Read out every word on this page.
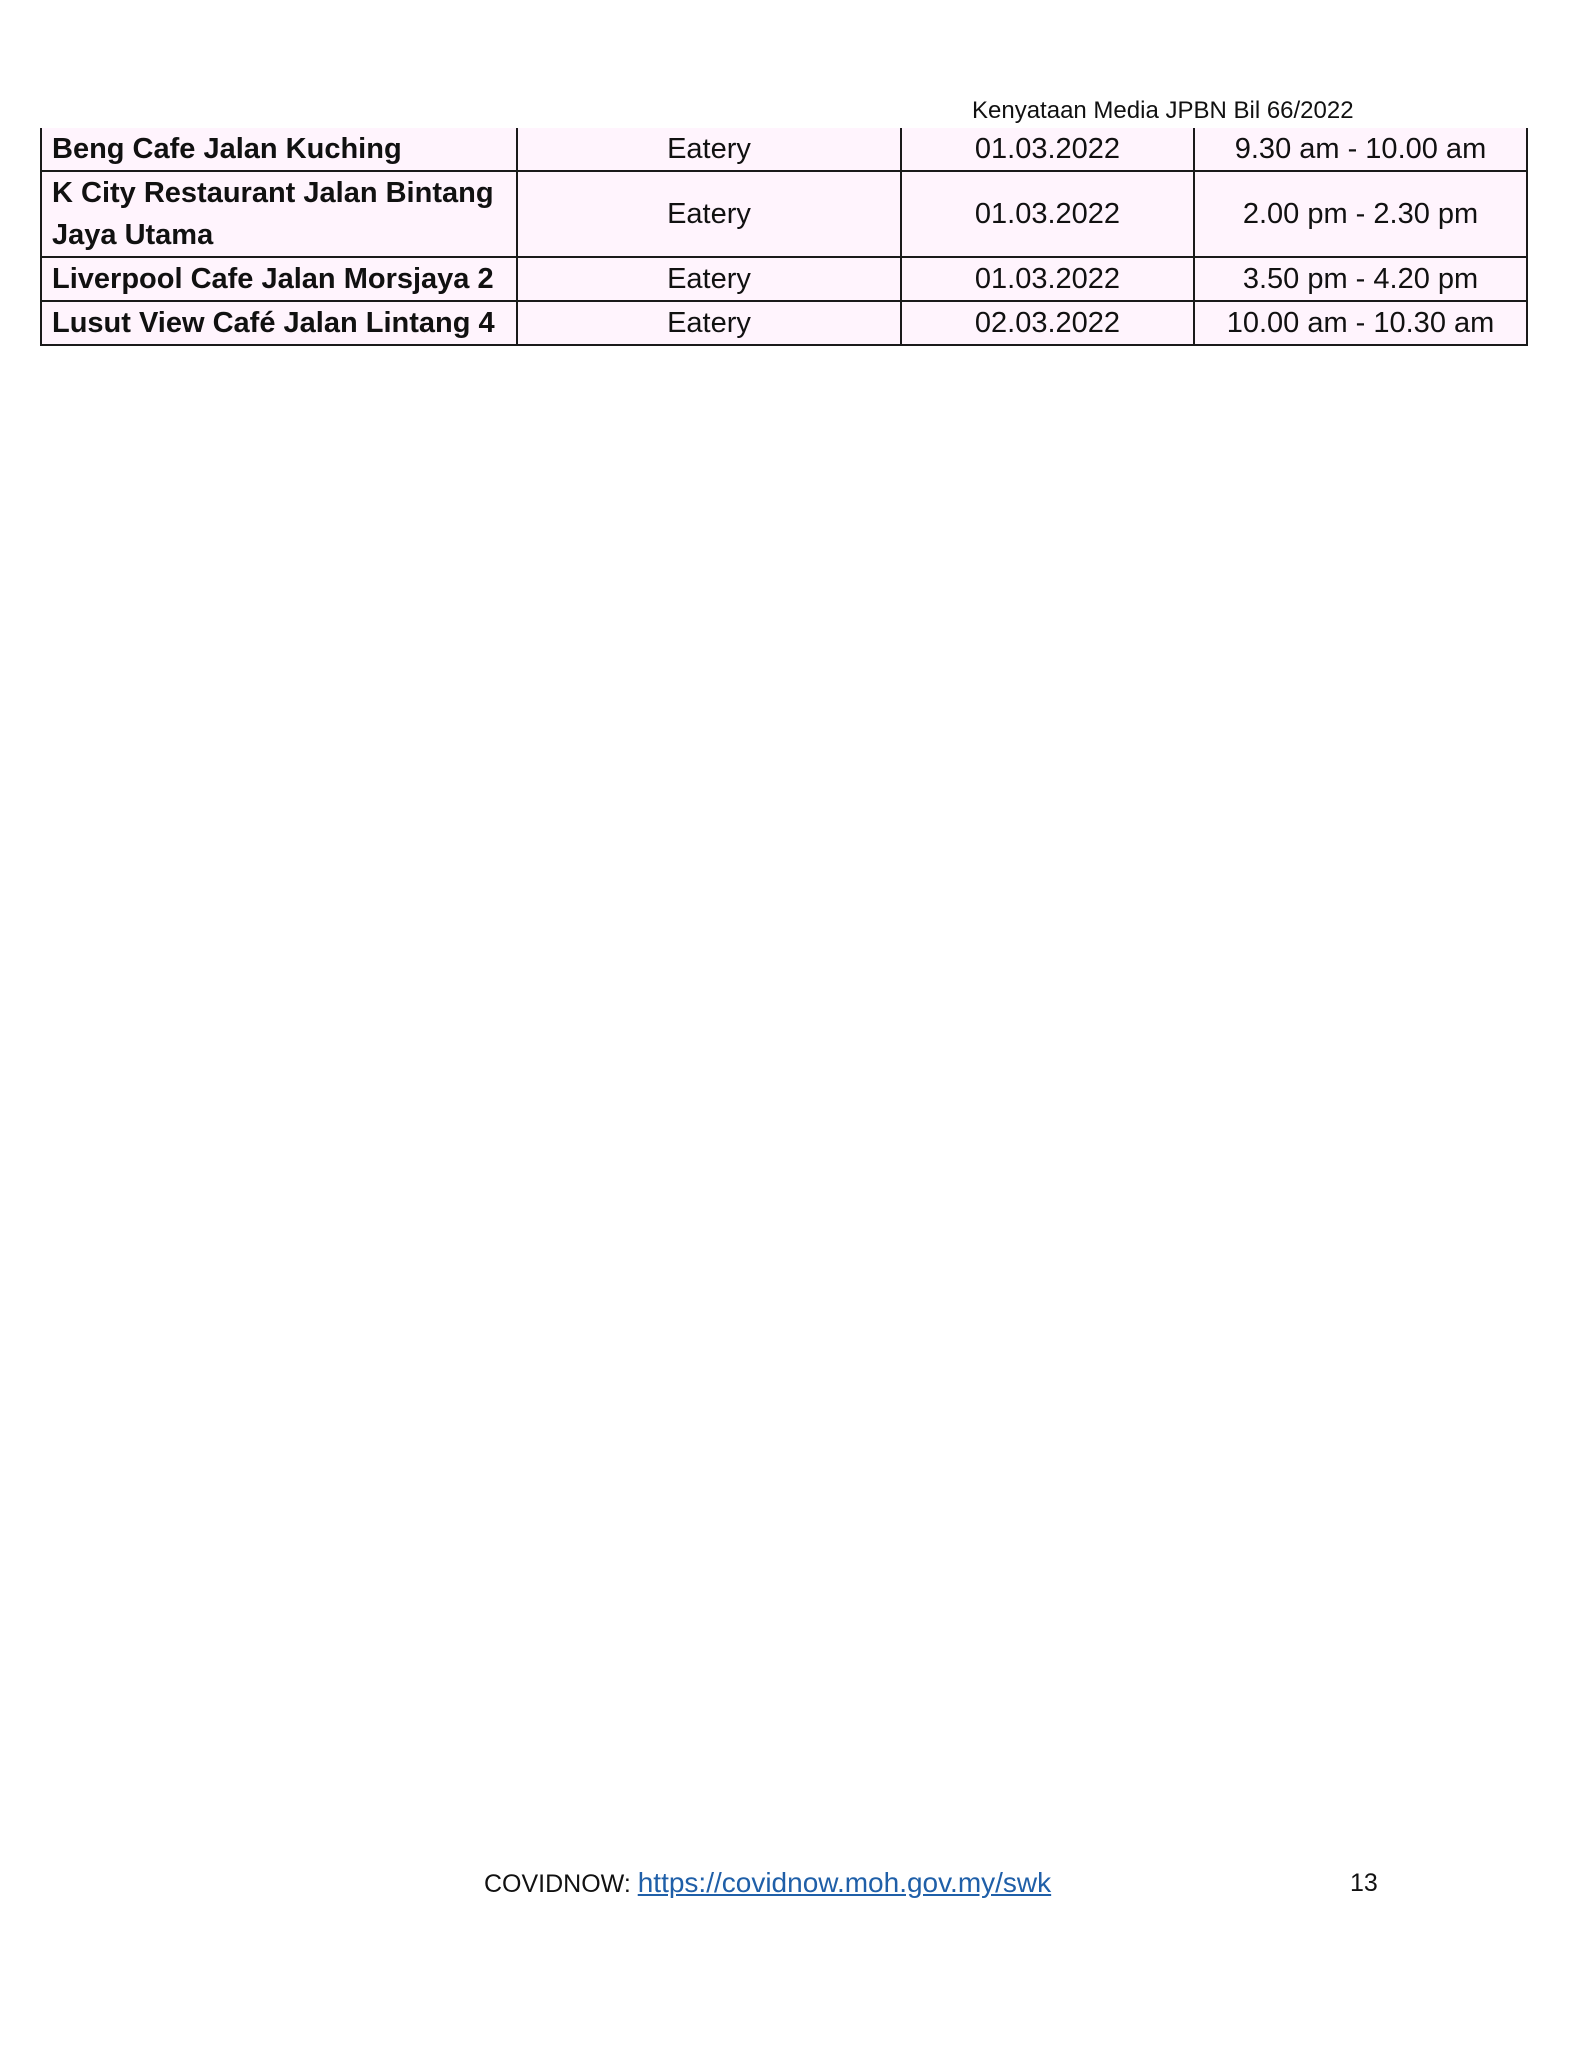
Kenyataan Media JPBN Bil 66/2022
Beng Cafe Jalan Kuching	Eatery	01.03.2022	9.30 am - 10.00 am
K City Restaurant Jalan Bintang Jaya Utama	Eatery	01.03.2022	2.00 pm - 2.30 pm
Liverpool Cafe Jalan Morsjaya 2	Eatery	01.03.2022	3.50 pm - 4.20 pm
Lusut View Café Jalan Lintang 4	Eatery	02.03.2022	10.00 am - 10.30 am
COVIDNOW: https://covidnow.moh.gov.my/swk	13
